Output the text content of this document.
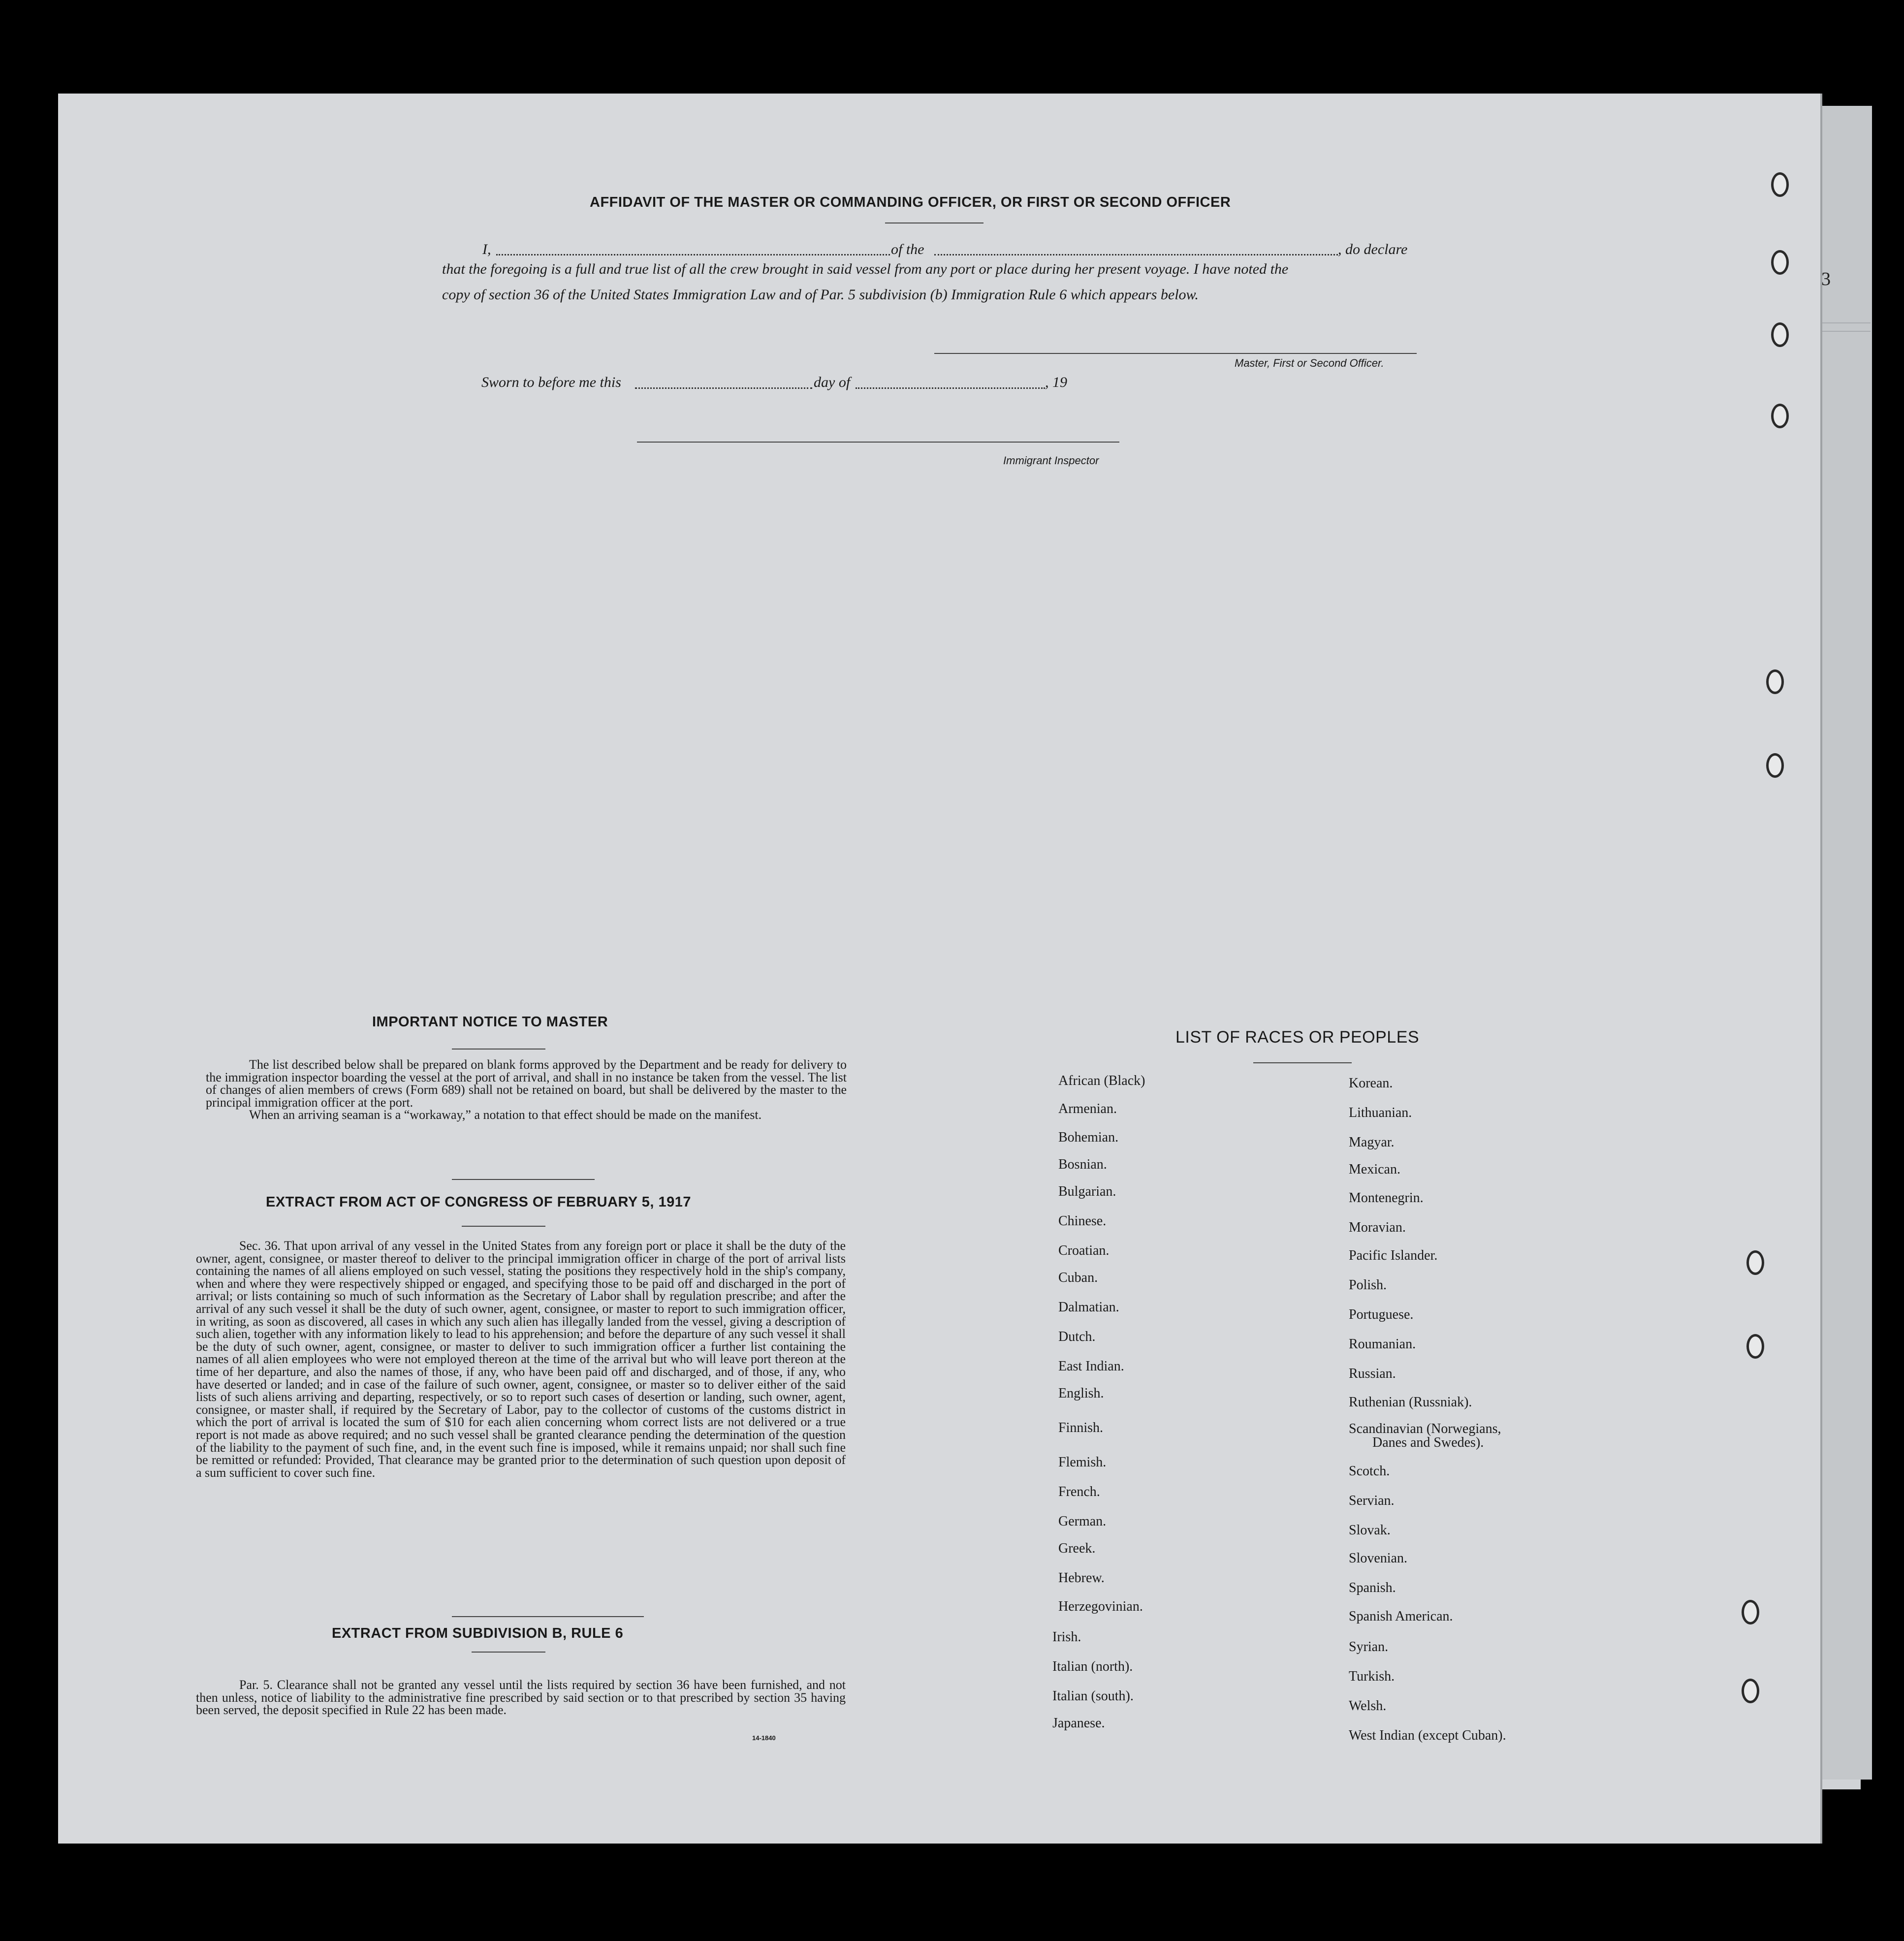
3
AFFIDAVIT OF THE MASTER OR COMMANDING OFFICER, OR FIRST OR SECOND OFFICER
I,	of the	, do declare
that the foregoing is a full and true list of all the crew brought in said vessel from any port or place during her present voyage. I have noted the
copy of section 36 of the United States Immigration Law and of Par. 5 subdivision (b) Immigration Rule 6 which appears below.
Master, First or Second Officer.
Sworn to before me this	day of	, 19
Immigrant Inspector
IMPORTANT NOTICE TO MASTER
The list described below shall be prepared on blank forms approved by the Department and be ready for delivery to the immigration inspector boarding the vessel at the port of arrival, and shall in no instance be taken from the vessel. The list of changes of alien members of crews (Form 689) shall not be retained on board, but shall be delivered by the master to the principal immigration officer at the port.
When an arriving seaman is a “workaway,” a notation to that effect should be made on the manifest.
EXTRACT FROM ACT OF CONGRESS OF FEBRUARY 5, 1917
Sec. 36. That upon arrival of any vessel in the United States from any foreign port or place it shall be the duty of the owner, agent, consignee, or master thereof to deliver to the principal immigration officer in charge of the port of arrival lists containing the names of all aliens employed on such vessel, stating the positions they respectively hold in the ship's company, when and where they were respectively shipped or engaged, and specifying those to be paid off and discharged in the port of arrival; or lists containing so much of such information as the Secretary of Labor shall by regulation prescribe; and after the arrival of any such vessel it shall be the duty of such owner, agent, consignee, or master to report to such immigration officer, in writing, as soon as discovered, all cases in which any such alien has illegally landed from the vessel, giving a description of such alien, together with any information likely to lead to his apprehension; and before the departure of any such vessel it shall be the duty of such owner, agent, consignee, or master to deliver to such immigration officer a further list containing the names of all alien employees who were not employed thereon at the time of the arrival but who will leave port thereon at the time of her departure, and also the names of those, if any, who have been paid off and discharged, and of those, if any, who have deserted or landed; and in case of the failure of such owner, agent, consignee, or master so to deliver either of the said lists of such aliens arriving and departing, respectively, or so to report such cases of desertion or landing, such owner, agent, consignee, or master shall, if required by the Secretary of Labor, pay to the collector of customs of the customs district in which the port of arrival is located the sum of $10 for each alien concerning whom correct lists are not delivered or a true report is not made as above required; and no such vessel shall be granted clearance pending the determination of the question of the liability to the payment of such fine, and, in the event such fine is imposed, while it remains unpaid; nor shall such fine be remitted or refunded: Provided, That clearance may be granted prior to the determination of such question upon deposit of a sum sufficient to cover such fine.
EXTRACT FROM SUBDIVISION B, RULE 6
Par. 5. Clearance shall not be granted any vessel until the lists required by section 36 have been furnished, and not then unless, notice of liability to the administrative fine prescribed by said section or to that prescribed by section 35 having been served, the deposit specified in Rule 22 has been made.
14-1840
LIST OF RACES OR PEOPLES
African (Black)
Armenian.
Bohemian.
Bosnian.
Bulgarian.
Chinese.
Croatian.
Cuban.
Dalmatian.
Dutch.
East Indian.
English.
Finnish.
Flemish.
French.
German.
Greek.
Hebrew.
Herzegovinian.
Irish.
Italian (north).
Italian (south).
Japanese.
Korean.
Lithuanian.
Magyar.
Mexican.
Montenegrin.
Moravian.
Pacific Islander.
Polish.
Portuguese.
Roumanian.
Russian.
Ruthenian (Russniak).
Scandinavian (Norwegians,
Danes and Swedes).
Scotch.
Servian.
Slovak.
Slovenian.
Spanish.
Spanish American.
Syrian.
Turkish.
Welsh.
West Indian (except Cuban).
